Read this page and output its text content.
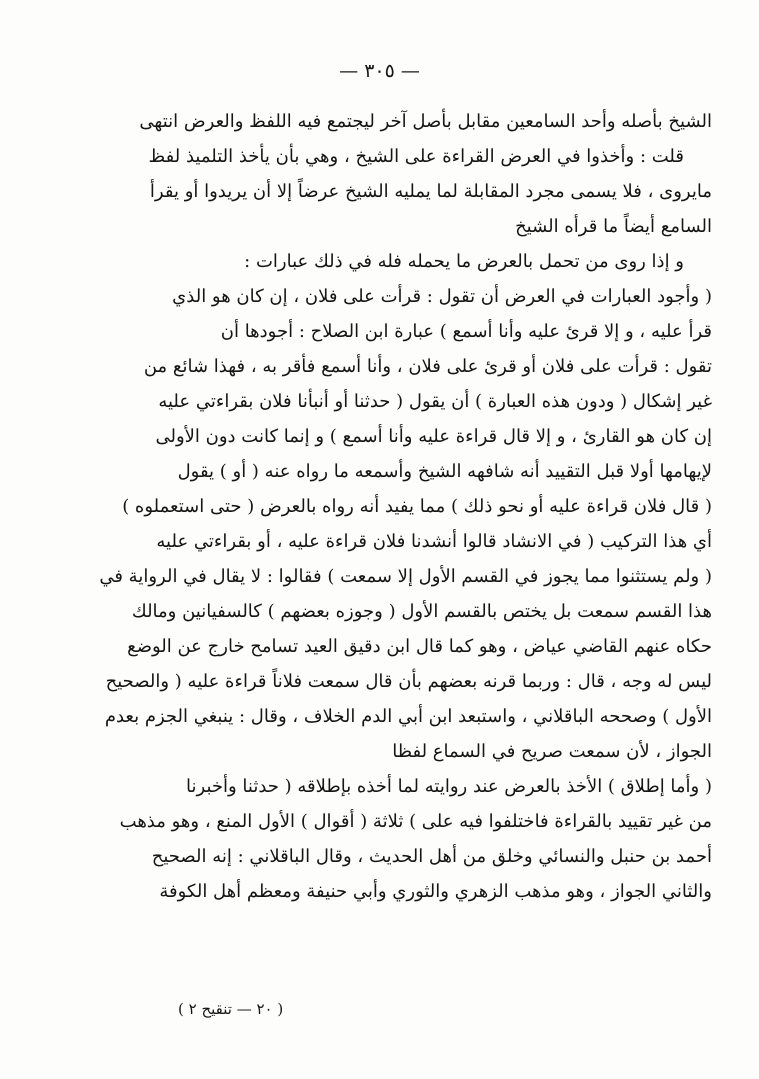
— ٣٠٥ —
الشيخ بأصله وأحد السامعين مقابل بأصل آخر ليجتمع فيه اللفظ والعرض انتهى
قلت : وأخذوا في العرض القراءة على الشيخ ، وهي بأن يأخذ التلميذ لفظ
مايروى ، فلا يسمى مجرد المقابلة لما يمليه الشيخ عرضاً إلا أن يريدوا أو يقرأ
السامع أيضاً ما قرأه الشيخ
و إذا روى من تحمل بالعرض ما يحمله فله في ذلك عبارات :
( وأجود العبارات في العرض أن تقول : قرأت على فلان ، إن كان هو الذي
قرأ عليه ، و إلا قرئ عليه وأنا أسمع ) عبارة ابن الصلاح : أجودها أن
تقول : قرأت على فلان أو قرئ على فلان ، وأنا أسمع فأقر به ، فهذا شائع من
غير إشكال ( ودون هذه العبارة ) أن يقول ( حدثنا أو أنبأنا فلان بقراءتي عليه
إن كان هو القارئ ، و إلا قال قراءة عليه وأنا أسمع ) و إنما كانت دون الأولى
لإيهامها أولا قبل التقييد أنه شافهه الشيخ وأسمعه ما رواه عنه ( أو ) يقول
( قال فلان قراءة عليه أو نحو ذلك ) مما يفيد أنه رواه بالعرض ( حتى استعملوه )
أي هذا التركيب ( في الانشاد قالوا أنشدنا فلان قراءة عليه ، أو بقراءتي عليه
( ولم يستثنوا مما يجوز في القسم الأول إلا سمعت ) فقالوا : لا يقال في الرواية في
هذا القسم سمعت بل يختص بالقسم الأول ( وجوزه بعضهم ) كالسفيانين ومالك
حكاه عنهم القاضي عياض ، وهو كما قال ابن دقيق العيد تسامح خارج عن الوضع
ليس له وجه ، قال : وربما قرنه بعضهم بأن قال سمعت فلاناً قراءة عليه ( والصحيح
الأول ) وصححه الباقلاني ، واستبعد ابن أبي الدم الخلاف ، وقال : ينبغي الجزم بعدم
الجواز ، لأن سمعت صريح في السماع لفظا
( وأما إطلاق ) الأخذ بالعرض عند روايته لما أخذه بإطلاقه ( حدثنا وأخبرنا
من غير تقييد بالقراءة فاختلفوا فيه على ) ثلاثة ( أقوال ) الأول المنع ، وهو مذهب
أحمد بن حنبل والنسائي وخلق من أهل الحديث ، وقال الباقلاني : إنه الصحيح
والثاني الجواز ، وهو مذهب الزهري والثوري وأبي حنيفة ومعظم أهل الكوفة
( ٢٠ — تنقيح ٢ )
